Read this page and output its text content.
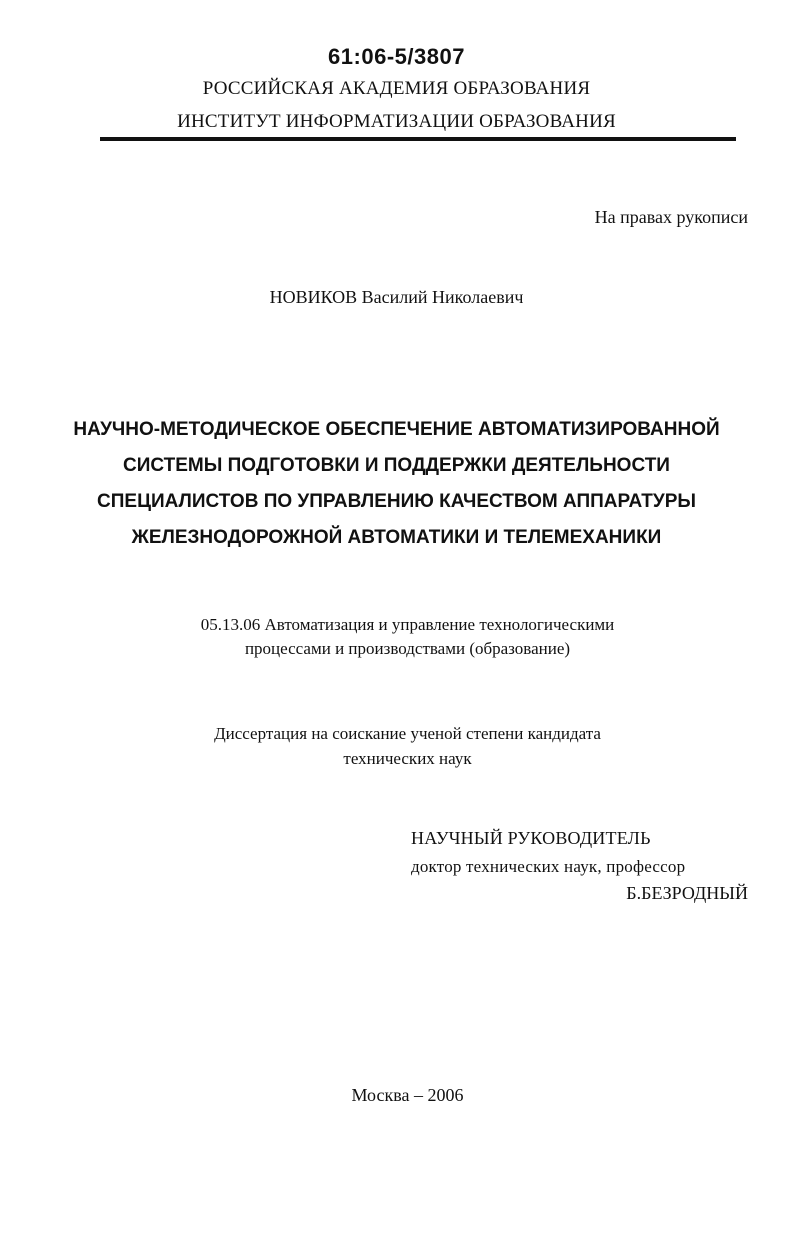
61:06-5/3807
РОССИЙСКАЯ АКАДЕМИЯ ОБРАЗОВАНИЯ
ИНСТИТУТ ИНФОРМАТИЗАЦИИ ОБРАЗОВАНИЯ
На правах рукописи
НОВИКОВ Василий Николаевич
НАУЧНО-МЕТОДИЧЕСКОЕ ОБЕСПЕЧЕНИЕ АВТОМАТИЗИРОВАННОЙ
СИСТЕМЫ ПОДГОТОВКИ И ПОДДЕРЖКИ ДЕЯТЕЛЬНОСТИ
СПЕЦИАЛИСТОВ ПО УПРАВЛЕНИЮ КАЧЕСТВОМ АППАРАТУРЫ
ЖЕЛЕЗНОДОРОЖНОЙ АВТОМАТИКИ И ТЕЛЕМЕХАНИКИ
05.13.06 Автоматизация и управление технологическими
процессами и производствами (образование)
Диссертация на соискание ученой степени кандидата
технических наук
НАУЧНЫЙ РУКОВОДИТЕЛЬ
доктор технических наук, профессор
Б.БЕЗРОДНЫЙ
Москва – 2006
